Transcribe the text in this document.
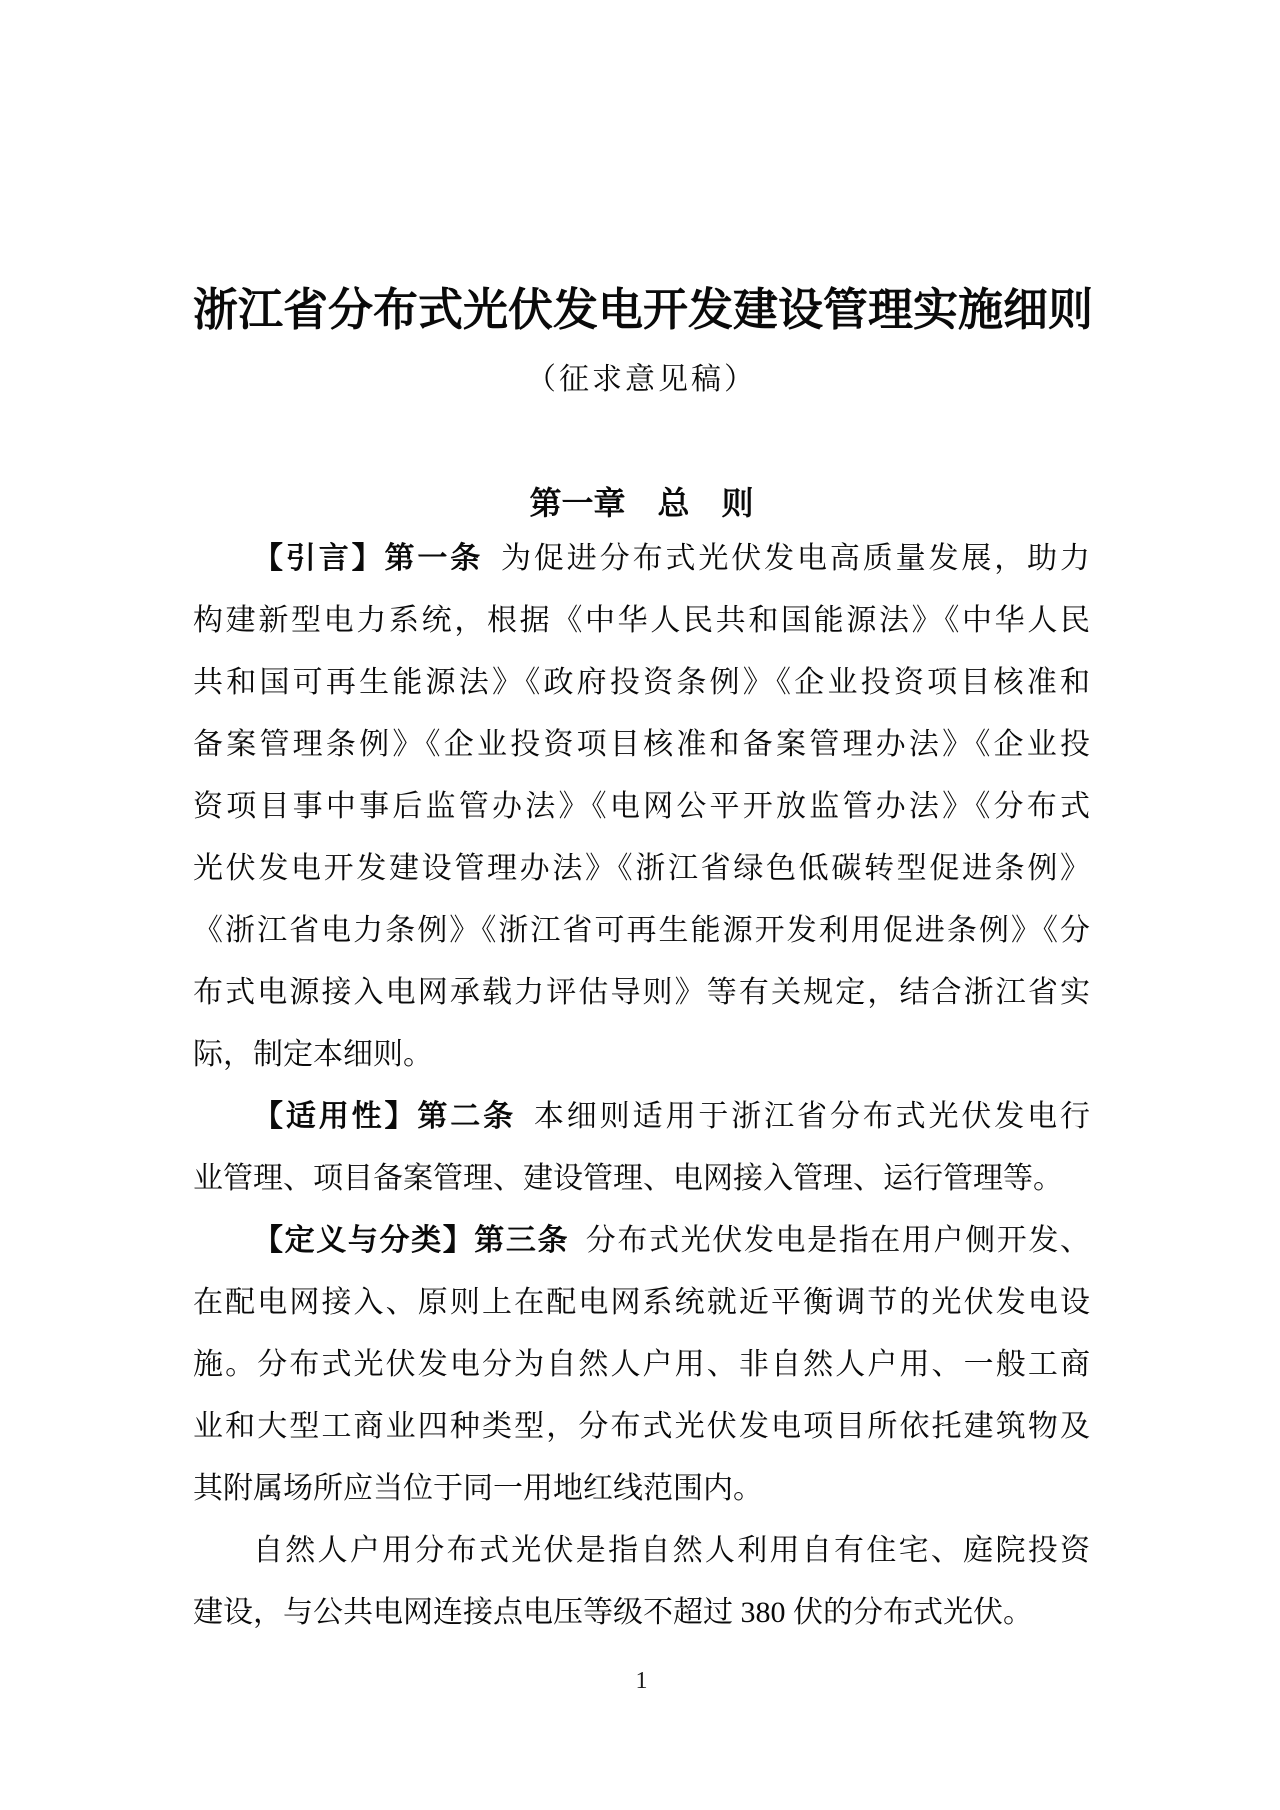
浙江省分布式光伏发电开发建设管理实施细则
（征求意见稿）
第一章　总　则
【引言】第一条 为促进分布式光伏发电高质量发展，助力
构建新型电力系统，根据《中华人民共和国能源法》《中华人民
共和国可再生能源法》《政府投资条例》《企业投资项目核准和
备案管理条例》《企业投资项目核准和备案管理办法》《企业投
资项目事中事后监管办法》《电网公平开放监管办法》《分布式
光伏发电开发建设管理办法》《浙江省绿色低碳转型促进条例》
《浙江省电力条例》《浙江省可再生能源开发利用促进条例》《分
布式电源接入电网承载力评估导则》等有关规定，结合浙江省实
际，制定本细则。
【适用性】第二条 本细则适用于浙江省分布式光伏发电行
业管理、项目备案管理、建设管理、电网接入管理、运行管理等。
【定义与分类】第三条 分布式光伏发电是指在用户侧开发、
在配电网接入、原则上在配电网系统就近平衡调节的光伏发电设
施。分布式光伏发电分为自然人户用、非自然人户用、一般工商
业和大型工商业四种类型，分布式光伏发电项目所依托建筑物及
其附属场所应当位于同一用地红线范围内。
自然人户用分布式光伏是指自然人利用自有住宅、庭院投资
建设，与公共电网连接点电压等级不超过 380 伏的分布式光伏。
1
